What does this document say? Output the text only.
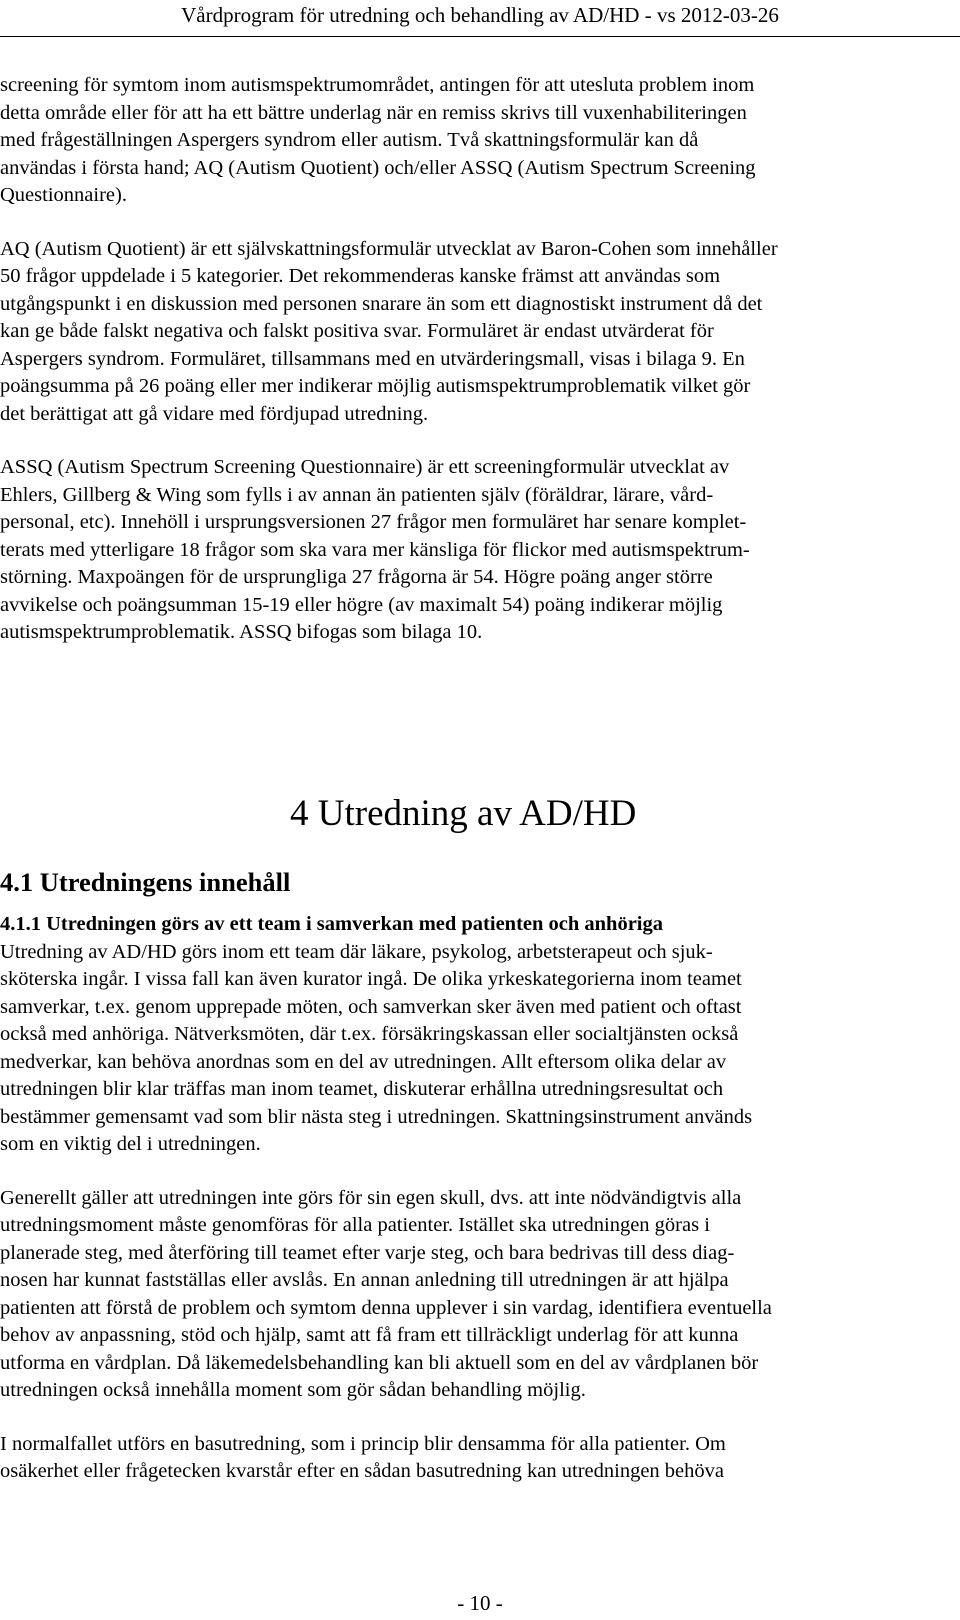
Vårdprogram för utredning och behandling av AD/HD - vs 2012-03-26
screening för symtom inom autismspektrumområdet, antingen för att utesluta problem inom
detta område eller för att ha ett bättre underlag när en remiss skrivs till vuxenhabiliteringen
med frågeställningen Aspergers syndrom eller autism. Två skattningsformulär kan då
användas i första hand; AQ (Autism Quotient) och/eller ASSQ (Autism Spectrum Screening
Questionnaire).
AQ (Autism Quotient) är ett självskattningsformulär utvecklat av Baron-Cohen som innehåller
50 frågor uppdelade i 5 kategorier. Det rekommenderas kanske främst att användas som
utgångspunkt i en diskussion med personen snarare än som ett diagnostiskt instrument då det
kan ge både falskt negativa och falskt positiva svar. Formuläret är endast utvärderat för
Aspergers syndrom. Formuläret, tillsammans med en utvärderingsmall, visas i bilaga 9. En
poängsumma på 26 poäng eller mer indikerar möjlig autismspektrumproblematik vilket gör
det berättigat att gå vidare med fördjupad utredning.
ASSQ (Autism Spectrum Screening Questionnaire) är ett screeningformulär utvecklat av
Ehlers, Gillberg & Wing som fylls i av annan än patienten själv (föräldrar, lärare, vård-
personal, etc). Innehöll i ursprungsversionen 27 frågor men formuläret har senare komplet-
terats med ytterligare 18 frågor som ska vara mer känsliga för flickor med autismspektrum-
störning. Maxpoängen för de ursprungliga 27 frågorna är 54. Högre poäng anger större
avvikelse och poängsumman 15-19 eller högre (av maximalt 54) poäng indikerar möjlig
autismspektrumproblematik. ASSQ bifogas som bilaga 10.
4 Utredning av AD/HD
4.1 Utredningens innehåll
4.1.1 Utredningen görs av ett team i samverkan med patienten och anhöriga
Utredning av AD/HD görs inom ett team där läkare, psykolog, arbetsterapeut och sjuk-
sköterska ingår. I vissa fall kan även kurator ingå. De olika yrkeskategorierna inom teamet
samverkar, t.ex. genom upprepade möten, och samverkan sker även med patient och oftast
också med anhöriga. Nätverksmöten, där t.ex. försäkringskassan eller socialtjänsten också
medverkar, kan behöva anordnas som en del av utredningen. Allt eftersom olika delar av
utredningen blir klar träffas man inom teamet, diskuterar erhållna utredningsresultat och
bestämmer gemensamt vad som blir nästa steg i utredningen. Skattningsinstrument används
som en viktig del i utredningen.
Generellt gäller att utredningen inte görs för sin egen skull, dvs. att inte nödvändigtvis alla
utredningsmoment måste genomföras för alla patienter. Istället ska utredningen göras i
planerade steg, med återföring till teamet efter varje steg, och bara bedrivas till dess diag-
nosen har kunnat fastställas eller avslås. En annan anledning till utredningen är att hjälpa
patienten att förstå de problem och symtom denna upplever i sin vardag, identifiera eventuella
behov av anpassning, stöd och hjälp, samt att få fram ett tillräckligt underlag för att kunna
utforma en vårdplan. Då läkemedelsbehandling kan bli aktuell som en del av vårdplanen bör
utredningen också innehålla moment som gör sådan behandling möjlig.
I normalfallet utförs en basutredning, som i princip blir densamma för alla patienter. Om
osäkerhet eller frågetecken kvarstår efter en sådan basutredning kan utredningen behöva
- 10 -
